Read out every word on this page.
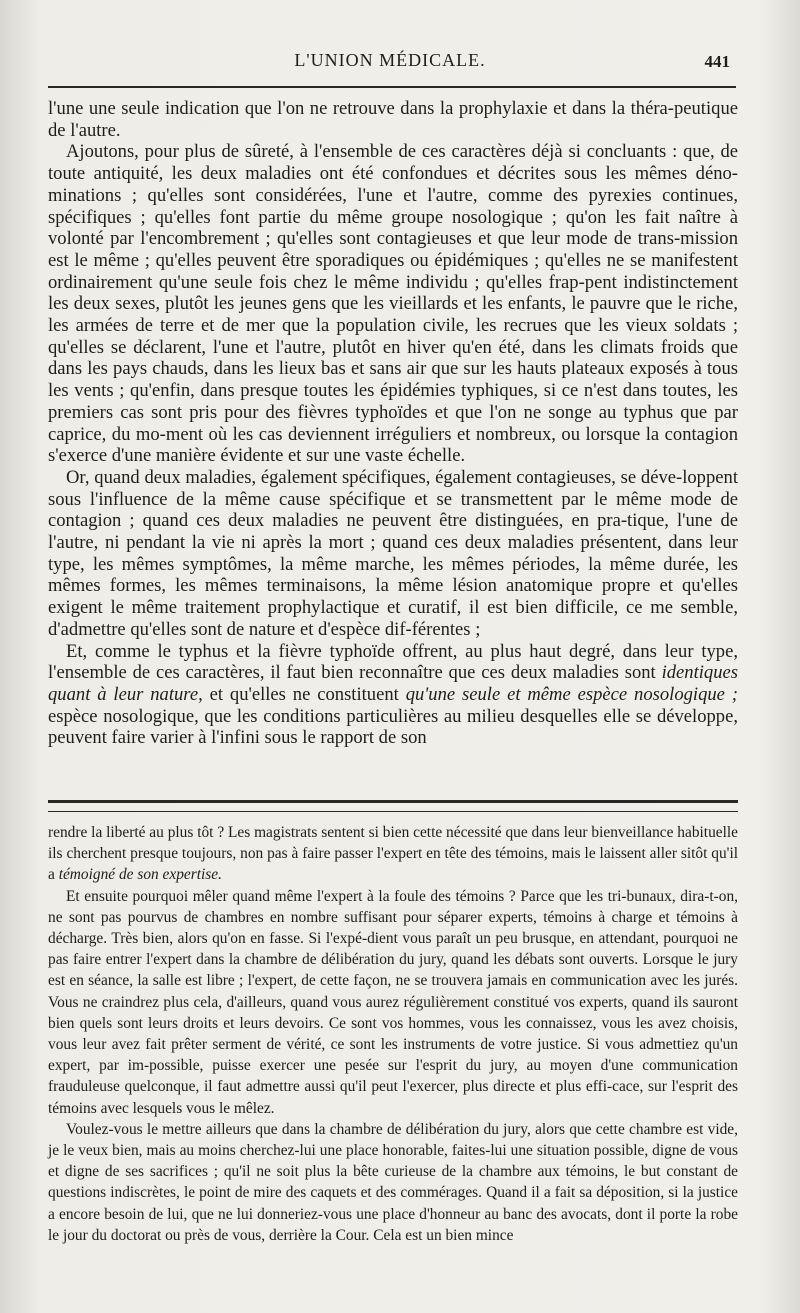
L'UNION MÉDICALE.	441

l'une une seule indication que l'on ne retrouve dans la prophylaxie et dans la théra-peutique de l'autre.

Ajoutons, pour plus de sûreté, à l'ensemble de ces caractères déjà si concluants : que, de toute antiquité, les deux maladies ont été confondues et décrites sous les mêmes déno-minations ; qu'elles sont considérées, l'une et l'autre, comme des pyrexies continues, spécifiques ; qu'elles font partie du même groupe nosologique ; qu'on les fait naître à volonté par l'encombrement ; qu'elles sont contagieuses et que leur mode de trans-mission est le même ; qu'elles peuvent être sporadiques ou épidémiques ; qu'elles ne se manifestent ordinairement qu'une seule fois chez le même individu ; qu'elles frap-pent indistinctement les deux sexes, plutôt les jeunes gens que les vieillards et les enfants, le pauvre que le riche, les armées de terre et de mer que la population civile, les recrues que les vieux soldats ; qu'elles se déclarent, l'une et l'autre, plutôt en hiver qu'en été, dans les climats froids que dans les pays chauds, dans les lieux bas et sans air que sur les hauts plateaux exposés à tous les vents ; qu'enfin, dans presque toutes les épidémies typhiques, si ce n'est dans toutes, les premiers cas sont pris pour des fièvres typhoïdes et que l'on ne songe au typhus que par caprice, du mo-ment où les cas deviennent irréguliers et nombreux, ou lorsque la contagion s'exerce d'une manière évidente et sur une vaste échelle.

Or, quand deux maladies, également spécifiques, également contagieuses, se déve-loppent sous l'influence de la même cause spécifique et se transmettent par le même mode de contagion ; quand ces deux maladies ne peuvent être distinguées, en pra-tique, l'une de l'autre, ni pendant la vie ni après la mort ; quand ces deux maladies présentent, dans leur type, les mêmes symptômes, la même marche, les mêmes périodes, la même durée, les mêmes formes, les mêmes terminaisons, la même lésion anatomique propre et qu'elles exigent le même traitement prophylactique et curatif, il est bien difficile, ce me semble, d'admettre qu'elles sont de nature et d'espèce dif-férentes ;

Et, comme le typhus et la fièvre typhoïde offrent, au plus haut degré, dans leur type, l'ensemble de ces caractères, il faut bien reconnaître que ces deux maladies sont identiques quant à leur nature, et qu'elles ne constituent qu'une seule et même espèce nosologique ; espèce nosologique, que les conditions particulières au milieu desquelles elle se développe, peuvent faire varier à l'infini sous le rapport de son

rendre la liberté au plus tôt ? Les magistrats sentent si bien cette nécessité que dans leur bienveillance habituelle ils cherchent presque toujours, non pas à faire passer l'expert en tête des témoins, mais le laissent aller sitôt qu'il a témoigné de son expertise.

Et ensuite pourquoi mêler quand même l'expert à la foule des témoins ? Parce que les tri-bunaux, dira-t-on, ne sont pas pourvus de chambres en nombre suffisant pour séparer experts, témoins à charge et témoins à décharge. Très bien, alors qu'on en fasse. Si l'expé-dient vous paraît un peu brusque, en attendant, pourquoi ne pas faire entrer l'expert dans la chambre de délibération du jury, quand les débats sont ouverts. Lorsque le jury est en séance, la salle est libre ; l'expert, de cette façon, ne se trouvera jamais en communication avec les jurés. Vous ne craindrez plus cela, d'ailleurs, quand vous aurez régulièrement constitué vos experts, quand ils sauront bien quels sont leurs droits et leurs devoirs. Ce sont vos hommes, vous les connaissez, vous les avez choisis, vous leur avez fait prêter serment de vérité, ce sont les instruments de votre justice. Si vous admettiez qu'un expert, par im-possible, puisse exercer une pesée sur l'esprit du jury, au moyen d'une communication frauduleuse quelconque, il faut admettre aussi qu'il peut l'exercer, plus directe et plus effi-cace, sur l'esprit des témoins avec lesquels vous le mêlez.

Voulez-vous le mettre ailleurs que dans la chambre de délibération du jury, alors que cette chambre est vide, je le veux bien, mais au moins cherchez-lui une place honorable, faites-lui une situation possible, digne de vous et digne de ses sacrifices ; qu'il ne soit plus la bête curieuse de la chambre aux témoins, le but constant de questions indiscrètes, le point de mire des caquets et des commérages. Quand il a fait sa déposition, si la justice a encore besoin de lui, que ne lui donneriez-vous une place d'honneur au banc des avocats, dont il porte la robe le jour du doctorat ou près de vous, derrière la Cour. Cela est un bien mince
